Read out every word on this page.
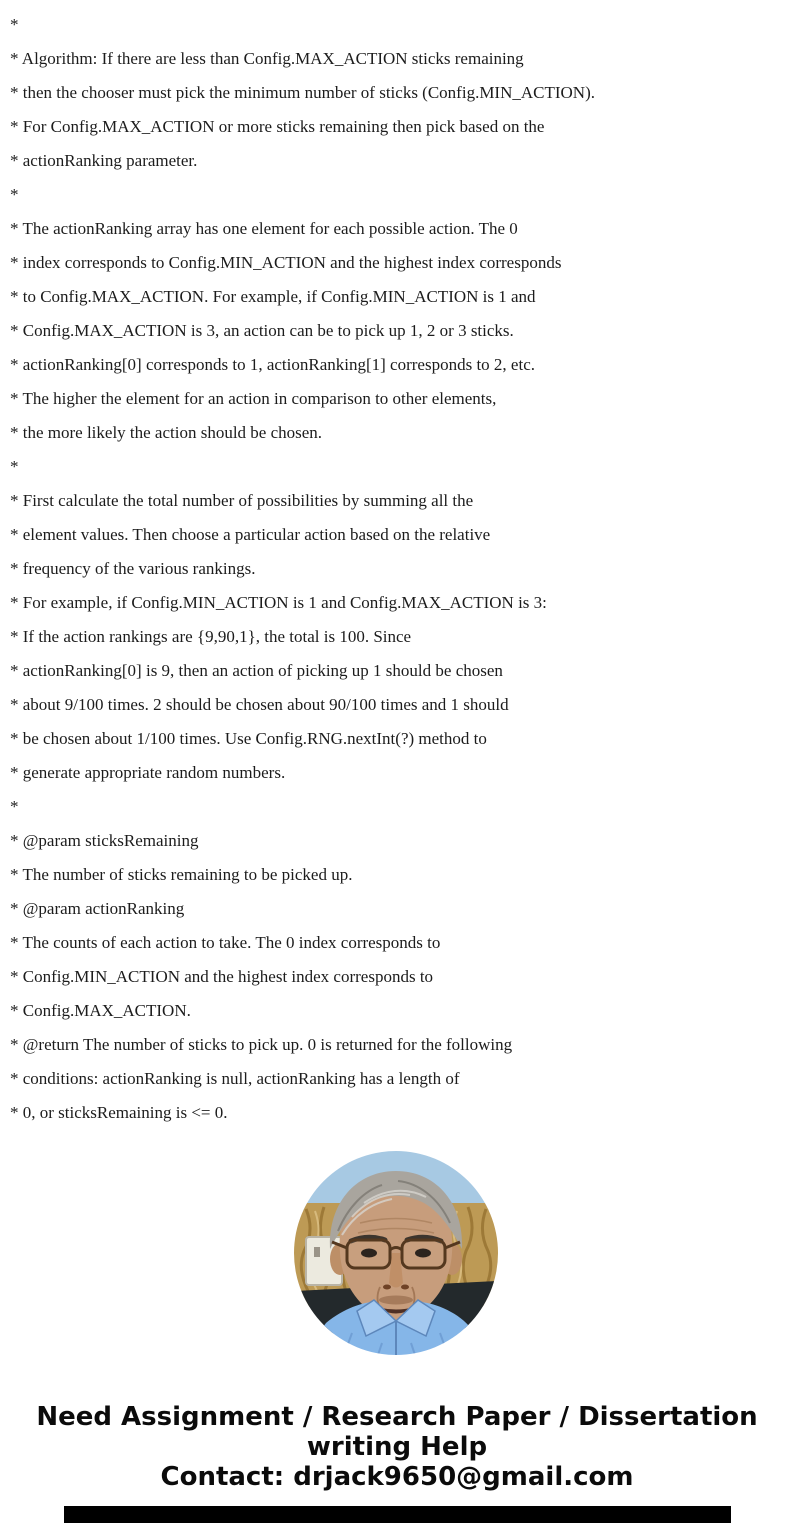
*
* Algorithm: If there are less than Config.MAX_ACTION sticks remaining
* then the chooser must pick the minimum number of sticks (Config.MIN_ACTION).
* For Config.MAX_ACTION or more sticks remaining then pick based on the
* actionRanking parameter.
*
* The actionRanking array has one element for each possible action. The 0
* index corresponds to Config.MIN_ACTION and the highest index corresponds
* to Config.MAX_ACTION. For example, if Config.MIN_ACTION is 1 and
* Config.MAX_ACTION is 3, an action can be to pick up 1, 2 or 3 sticks.
* actionRanking[0] corresponds to 1, actionRanking[1] corresponds to 2, etc.
* The higher the element for an action in comparison to other elements,
* the more likely the action should be chosen.
*
* First calculate the total number of possibilities by summing all the
* element values. Then choose a particular action based on the relative
* frequency of the various rankings.
* For example, if Config.MIN_ACTION is 1 and Config.MAX_ACTION is 3:
* If the action rankings are {9,90,1}, the total is 100. Since
* actionRanking[0] is 9, then an action of picking up 1 should be chosen
* about 9/100 times. 2 should be chosen about 90/100 times and 1 should
* be chosen about 1/100 times. Use Config.RNG.nextInt(?) method to
* generate appropriate random numbers.
*
* @param sticksRemaining
* The number of sticks remaining to be picked up.
* @param actionRanking
* The counts of each action to take. The 0 index corresponds to
* Config.MIN_ACTION and the highest index corresponds to
* Config.MAX_ACTION.
* @return The number of sticks to pick up. 0 is returned for the following
* conditions: actionRanking is null, actionRanking has a length of
* 0, or sticksRemaining is <= 0.
Need Assignment / Research Paper / Dissertation
writing Help
Contact: drjack9650@gmail.com
